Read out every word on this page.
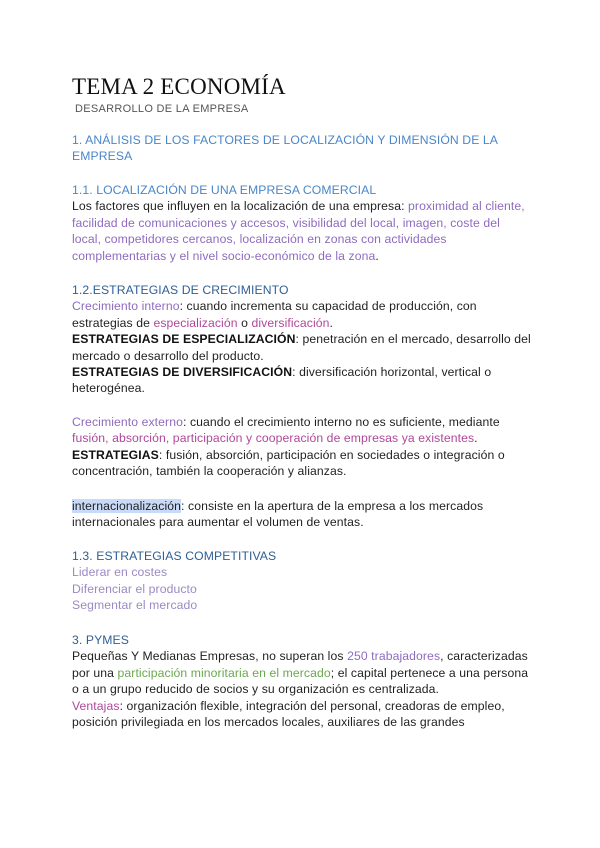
TEMA 2 ECONOMÍA
DESARROLLO DE LA EMPRESA
1. ANÁLISIS DE LOS FACTORES DE LOCALIZACIÓN Y DIMENSIÓN DE LA EMPRESA
1.1. LOCALIZACIÓN DE UNA EMPRESA COMERCIAL
Los factores que influyen en la localización de una empresa: proximidad al cliente, facilidad de comunicaciones y accesos, visibilidad del local, imagen, coste del local, competidores cercanos, localización en zonas con actividades complementarias y el nivel socio-económico de la zona.
1.2.ESTRATEGIAS DE CRECIMIENTO
Crecimiento interno: cuando incrementa su capacidad de producción, con estrategias de especialización o diversificación.
ESTRATEGIAS DE ESPECIALIZACIÓN: penetración en el mercado, desarrollo del mercado o desarrollo del producto.
ESTRATEGIAS DE DIVERSIFICACIÓN: diversificación horizontal, vertical o heterogénea.
Crecimiento externo: cuando el crecimiento interno no es suficiente, mediante fusión, absorción, participación y cooperación de empresas ya existentes.
ESTRATEGIAS: fusión, absorción, participación en sociedades o integración o concentración, también la cooperación y alianzas.
internacionalización: consiste en la apertura de la empresa a los mercados internacionales para aumentar el volumen de ventas.
1.3. ESTRATEGIAS COMPETITIVAS
Liderar en costes
Diferenciar el producto
Segmentar el mercado
3. PYMES
Pequeñas Y Medianas Empresas, no superan los 250 trabajadores, caracterizadas por una participación minoritaria en el mercado; el capital pertenece a una persona o a un grupo reducido de socios y su organización es centralizada.
Ventajas: organización flexible, integración del personal, creadoras de empleo, posición privilegiada en los mercados locales, auxiliares de las grandes
